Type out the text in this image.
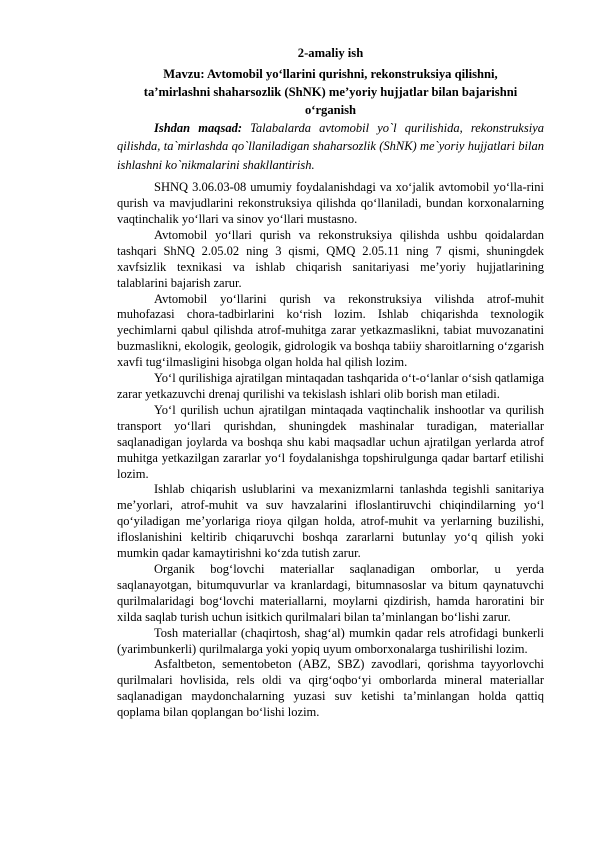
2-amaliy ish
Mavzu: Avtomobil yo‘llarini qurishni, rekonstruksiya qilishni,
ta’mirlashni shaharsozlik (ShNK) me’yoriy hujjatlar bilan bajarishni
o‘rganish

Ishdan maqsad: Talabalarda avtomobil yo`l qurilishida, rekonstruksiya qilishda, ta`mirlashda qo`llaniladigan shaharsozlik (ShNK) me`yoriy hujjatlari bilan ishlashni ko`nikmalarini shakllantirish.

SHNQ 3.06.03-08 umumiy foydalanishdagi va xo‘jalik avtomobil yo‘lla-rini qurish va mavjudlarini rekonstruksiya qilishda qo‘llaniladi, bundan korxonalarning vaqtinchalik yo‘llari va sinov yo‘llari mustasno.

Avtomobil yo‘llari qurish va rekonstruksiya qilishda ushbu qoidalardan tashqari ShNQ 2.05.02 ning 3 qismi, QMQ 2.05.11 ning 7 qismi, shuningdek xavfsizlik texnikasi va ishlab chiqarish sanitariyasi me’yoriy hujjatlarining talablarini bajarish zarur.

Avtomobil yo‘llarini qurish va rekonstruksiya vilishda atrof-muhit muhofazasi chora-tadbirlarini ko‘rish lozim. Ishlab chiqarishda texnologik yechimlarni qabul qilishda atrof-muhitga zarar yetkazmaslikni, tabiat muvozanatini buzmaslikni, ekologik, geologik, gidrologik va boshqa tabiiy sharoitlarning o‘zgarish xavfi tug‘ilmasligini hisobga olgan holda hal qilish lozim.

Yo‘l qurilishiga ajratilgan mintaqadan tashqarida o‘t-o‘lanlar o‘sish qatlamiga zarar yetkazuvchi drenaj qurilishi va tekislash ishlari olib borish man etiladi.

Yo‘l qurilish uchun ajratilgan mintaqada vaqtinchalik inshootlar va qurilish transport yo‘llari qurishdan, shuningdek mashinalar turadigan, materiallar saqlanadigan joylarda va boshqa shu kabi maqsadlar uchun ajratilgan yerlarda atrof muhitga yetkazilgan zararlar yo‘l foydalanishga topshirulgunga qadar bartarf etilishi lozim.

Ishlab chiqarish uslublarini va mexanizmlarni tanlashda tegishli sanitariya me’yorlari, atrof-muhit va suv havzalarini ifloslantiruvchi chiqindilarning yo‘l qo‘yiladigan me’yorlariga rioya qilgan holda, atrof-muhit va yerlarning buzilishi, ifloslanishini keltirib chiqaruvchi boshqa zararlarni butunlay yo‘q qilish yoki mumkin qadar kamaytirishni ko‘zda tutish zarur.

Organik bog‘lovchi materiallar saqlanadigan omborlar, u yerda saqlanayotgan, bitumquvurlar va kranlardagi, bitumnasoslar va bitum qaynatuvchi qurilmalaridagi bog‘lovchi materiallarni, moylarni qizdirish, hamda haroratini bir xilda saqlab turish uchun isitkich qurilmalari bilan ta’minlangan bo‘lishi zarur.

Tosh materiallar (chaqirtosh, shag‘al) mumkin qadar rels atrofidagi bunkerli (yarimbunkerli) qurilmalarga yoki yopiq uyum omborxonalarga tushirilishi lozim.

Asfaltbeton, sementobeton (ABZ, SBZ) zavodlari, qorishma tayyorlovchi qurilmalari hovlisida, rels oldi va qirg‘oqbo‘yi omborlarda mineral materiallar saqlanadigan maydonchalarning yuzasi suv ketishi ta’minlangan holda qattiq qoplama bilan qoplangan bo‘lishi lozim.
